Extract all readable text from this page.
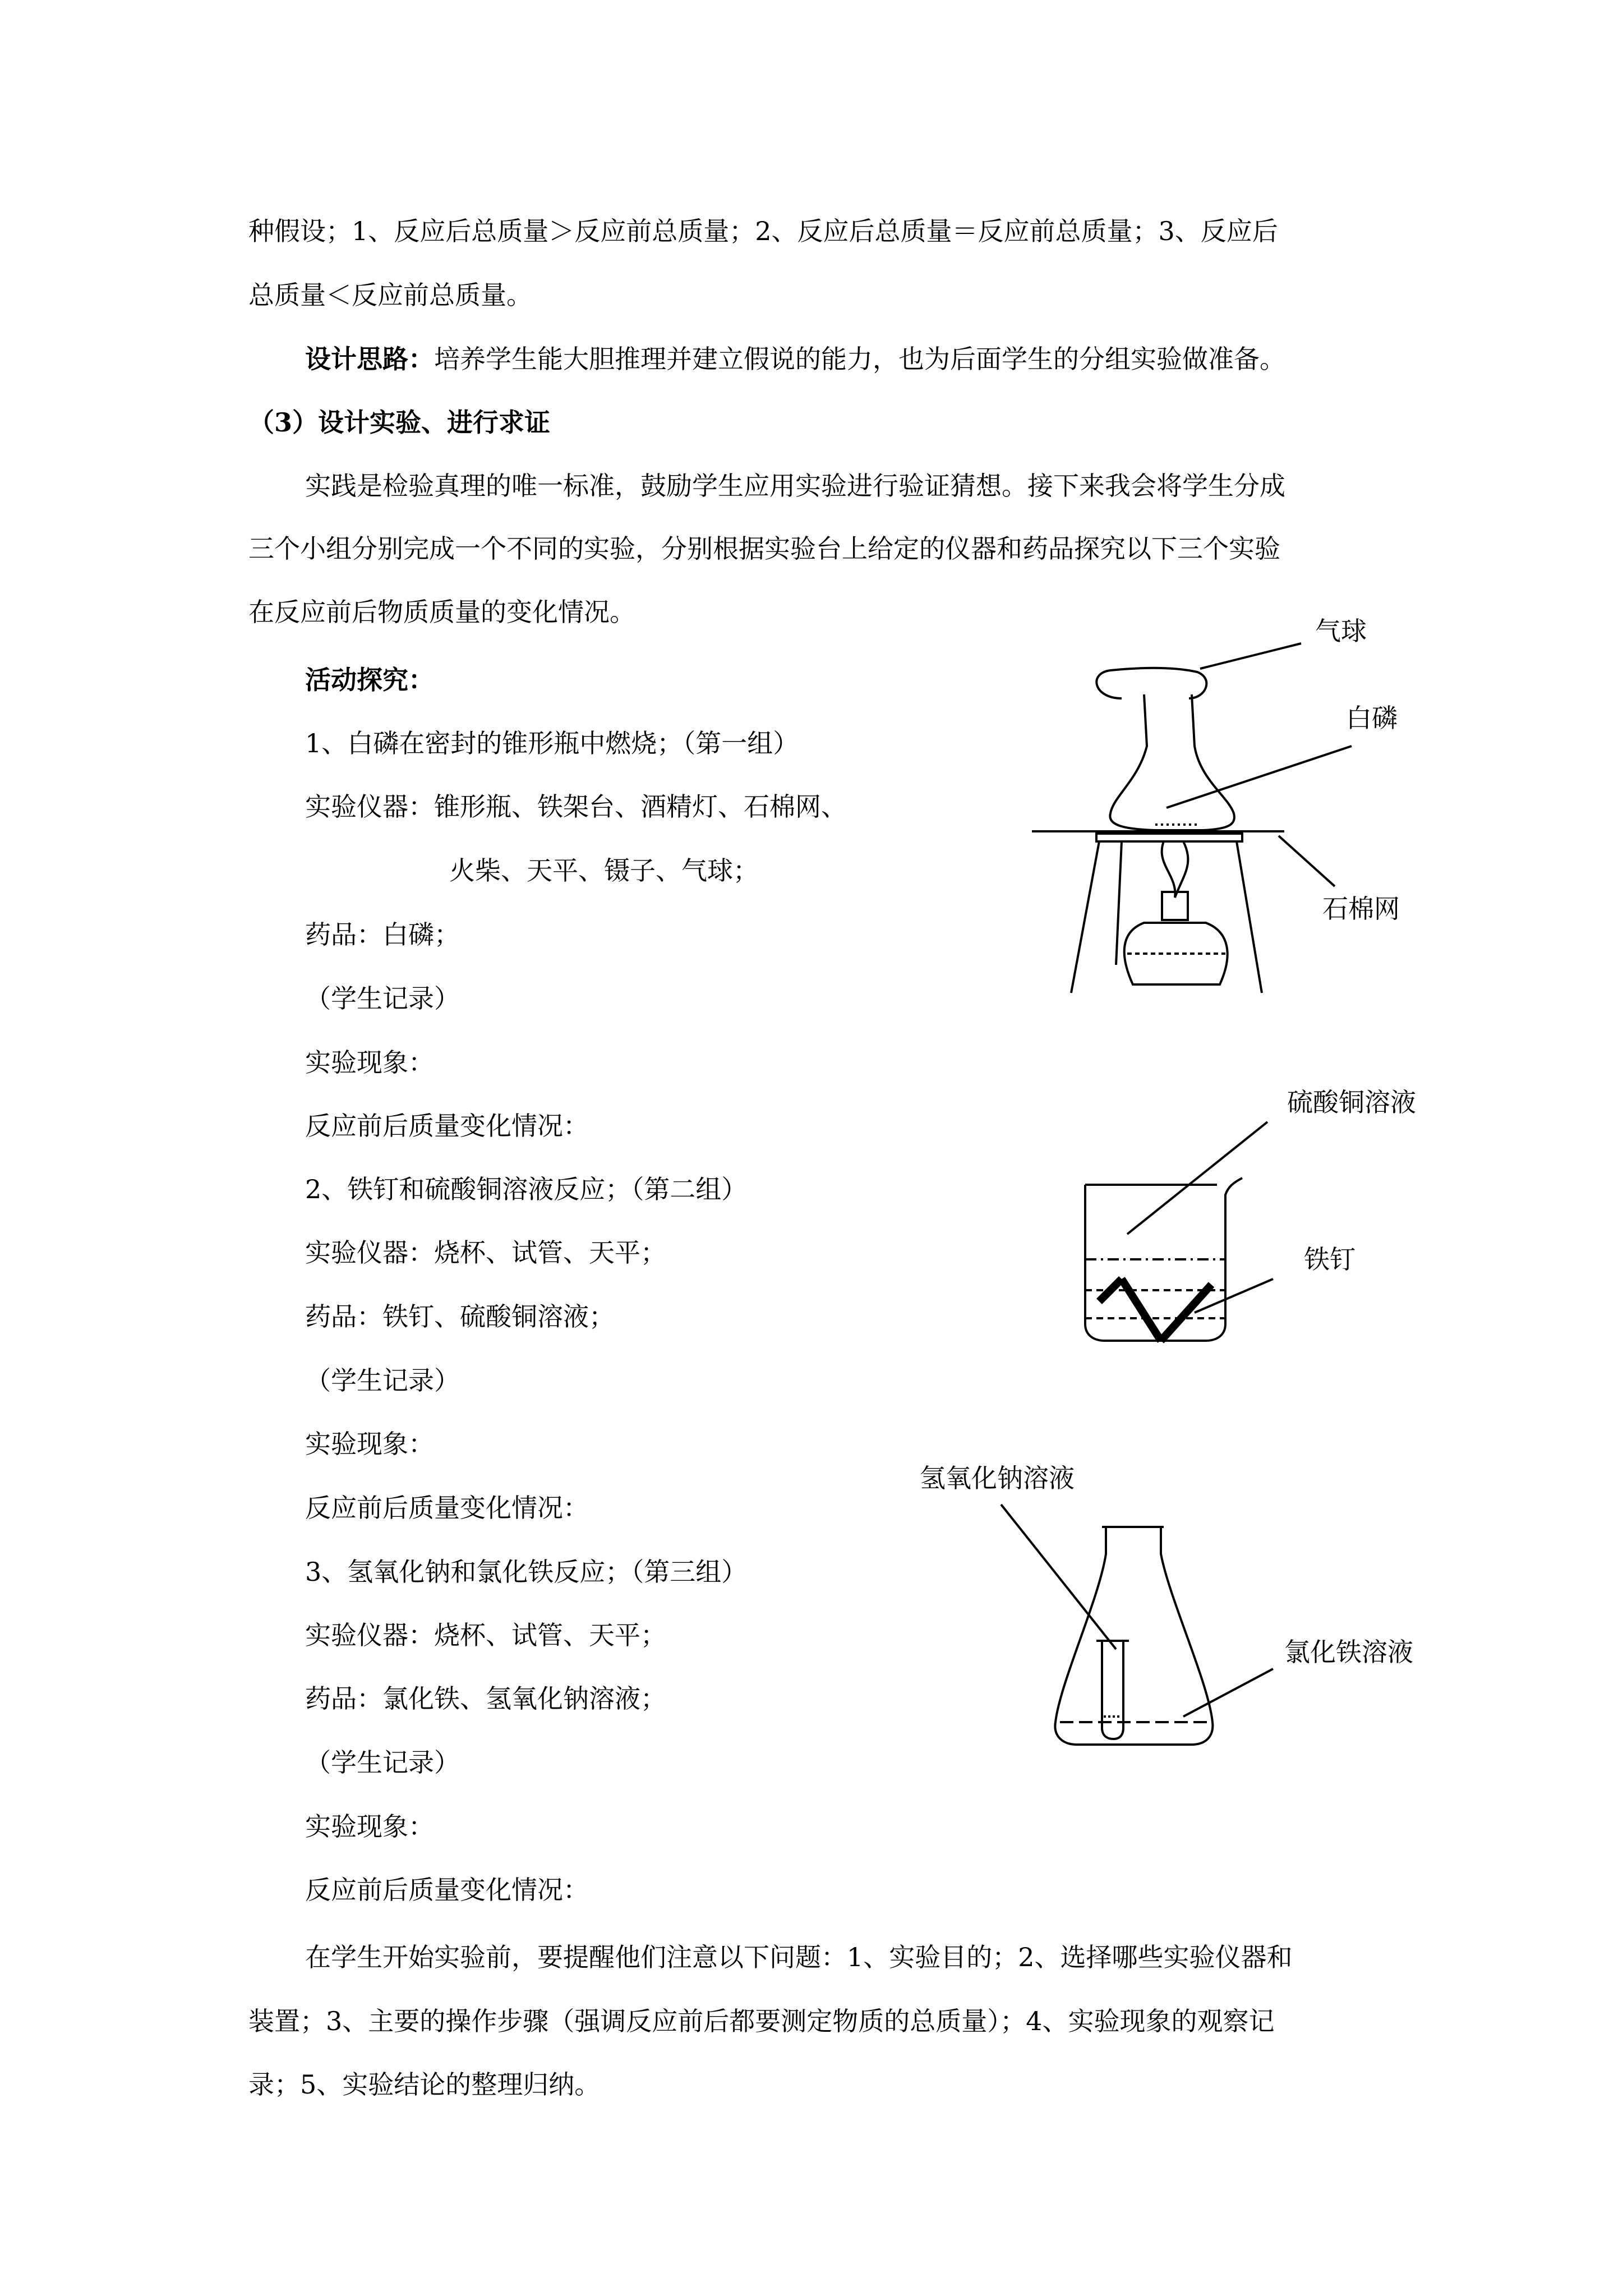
种假设；1、反应后总质量＞反应前总质量；2、反应后总质量＝反应前总质量；3、反应后
总质量＜反应前总质量。
设计思路：培养学生能大胆推理并建立假说的能力，也为后面学生的分组实验做准备。
（3）设计实验、进行求证
实践是检验真理的唯一标准，鼓励学生应用实验进行验证猜想。接下来我会将学生分成
三个小组分别完成一个不同的实验，分别根据实验台上给定的仪器和药品探究以下三个实验
在反应前后物质质量的变化情况。
活动探究：
1、白磷在密封的锥形瓶中燃烧；（第一组）
实验仪器：锥形瓶、铁架台、酒精灯、石棉网、
火柴、天平、镊子、气球；
药品：白磷；
（学生记录）
实验现象：
反应前后质量变化情况：
2、铁钉和硫酸铜溶液反应；（第二组）
实验仪器：烧杯、试管、天平；
药品：铁钉、硫酸铜溶液；
（学生记录）
实验现象：
反应前后质量变化情况：
3、氢氧化钠和氯化铁反应；（第三组）
实验仪器：烧杯、试管、天平；
药品：氯化铁、氢氧化钠溶液；
（学生记录）
实验现象：
反应前后质量变化情况：
在学生开始实验前，要提醒他们注意以下问题：1、实验目的；2、选择哪些实验仪器和
装置；3、主要的操作步骤（强调反应前后都要测定物质的总质量）；4、实验现象的观察记
录；5、实验结论的整理归纳。
气球
白磷
石棉网
硫酸铜溶液
铁钉
氢氧化钠溶液
氯化铁溶液
